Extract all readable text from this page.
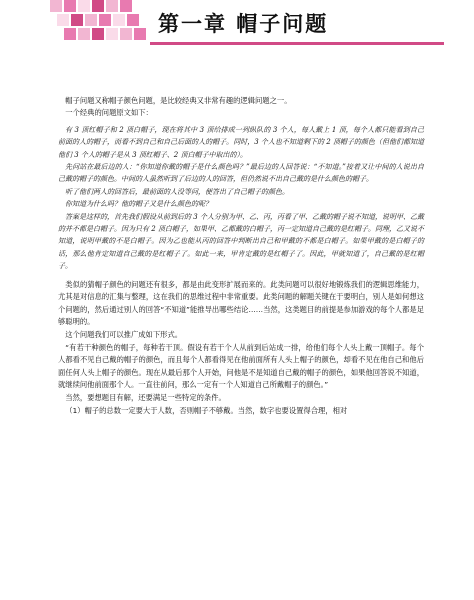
第一章 帽子问题

帽子问题又称帽子颜色问题，是比较经典又非常有趣的逻辑问题之一。

一个经典的问题原文如下：

有 3 顶红帽子和 2 顶白帽子，现在将其中 3 顶给排成一列纵队的 3 个人，每人戴上 1 顶，每个人都只能看到自己前面的人的帽子，而看不到自己和自己后面的人的帽子。同时，3 个人也不知道剩下的 2 顶帽子的颜色（但他们都知道他们 3 个人的帽子是从 3 顶红帽子、2 顶白帽子中取出的）。

先问站在最后边的人：“你知道你戴的帽子是什么颜色吗？”最后边的人回答说：“不知道。”接着又让中间的人说出自己戴的帽子的颜色。中间的人虽然听到了后边的人的回答，但仍然说不出自己戴的是什么颜色的帽子。

听了他们两人的回答后，最前面的人没等问，便答出了自己帽子的颜色。

你知道为什么吗？他的帽子又是什么颜色的呢？

答案是这样的，首先我们假设从前到后的 3 个人分别为甲、乙、丙，丙看了甲、乙戴的帽子说不知道，说明甲、乙戴的并不都是白帽子。因为只有 2 顶白帽子，如果甲、乙都戴的白帽子，丙一定知道自己戴的是红帽子。同理，乙又说不知道，说明甲戴的不是白帽子。因为乙也能从丙的回答中判断出自己和甲戴的不都是白帽子。如果甲戴的是白帽子的话，那么他肯定知道自己戴的是红帽子了。如此一来，甲肯定戴的是红帽子了。因此，甲就知道了，自己戴的是红帽子。

类似的猜帽子颜色的问题还有很多，都是由此变形扩展而来的。此类问题可以很好地锻炼我们的逻辑思维能力，尤其是对信息的汇集与整理，这在我们的思维过程中非常重要。此类问题的解题关键在于要明白，别人是如何想这个问题的，然后通过别人的回答“不知道”能推导出哪些结论……当然，这类题目的前提是参加游戏的每个人都是足够聪明的。

这个问题我们可以推广成如下形式。

“有若干种颜色的帽子，每种若干顶。假设有若干个人从前到后站成一排，给他们每个人头上戴一顶帽子。每个人都看不见自己戴的帽子的颜色，而且每个人都看得见在他前面所有人头上帽子的颜色，却看不见在他自己和他后面任何人头上帽子的颜色。现在从最后那个人开始，问他是不是知道自己戴的帽子的颜色，如果他回答说不知道，就继续问他前面那个人。一直往前问，那么一定有一个人知道自己所戴帽子的颜色。”

当然，要想题目有解，还要满足一些特定的条件。

（1）帽子的总数一定要大于人数，否则帽子不够戴。当然，数字也要设置得合理，相对
